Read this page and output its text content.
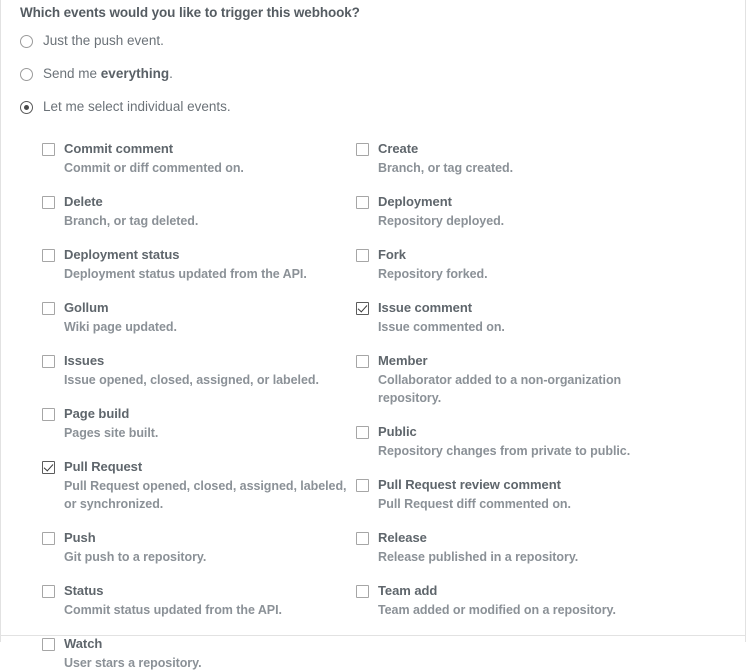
Which events would you like to trigger this webhook?
Just the push event.
Send me everything.
Let me select individual events.
Commit comment
Commit or diff commented on.
Delete
Branch, or tag deleted.
Deployment status
Deployment status updated from the API.
Gollum
Wiki page updated.
Issues
Issue opened, closed, assigned, or labeled.
Page build
Pages site built.
Pull Request
Pull Request opened, closed, assigned, labeled, or synchronized.
Push
Git push to a repository.
Status
Commit status updated from the API.
Watch
User stars a repository.
Create
Branch, or tag created.
Deployment
Repository deployed.
Fork
Repository forked.
Issue comment
Issue commented on.
Member
Collaborator added to a non-organization repository.
Public
Repository changes from private to public.
Pull Request review comment
Pull Request diff commented on.
Release
Release published in a repository.
Team add
Team added or modified on a repository.
